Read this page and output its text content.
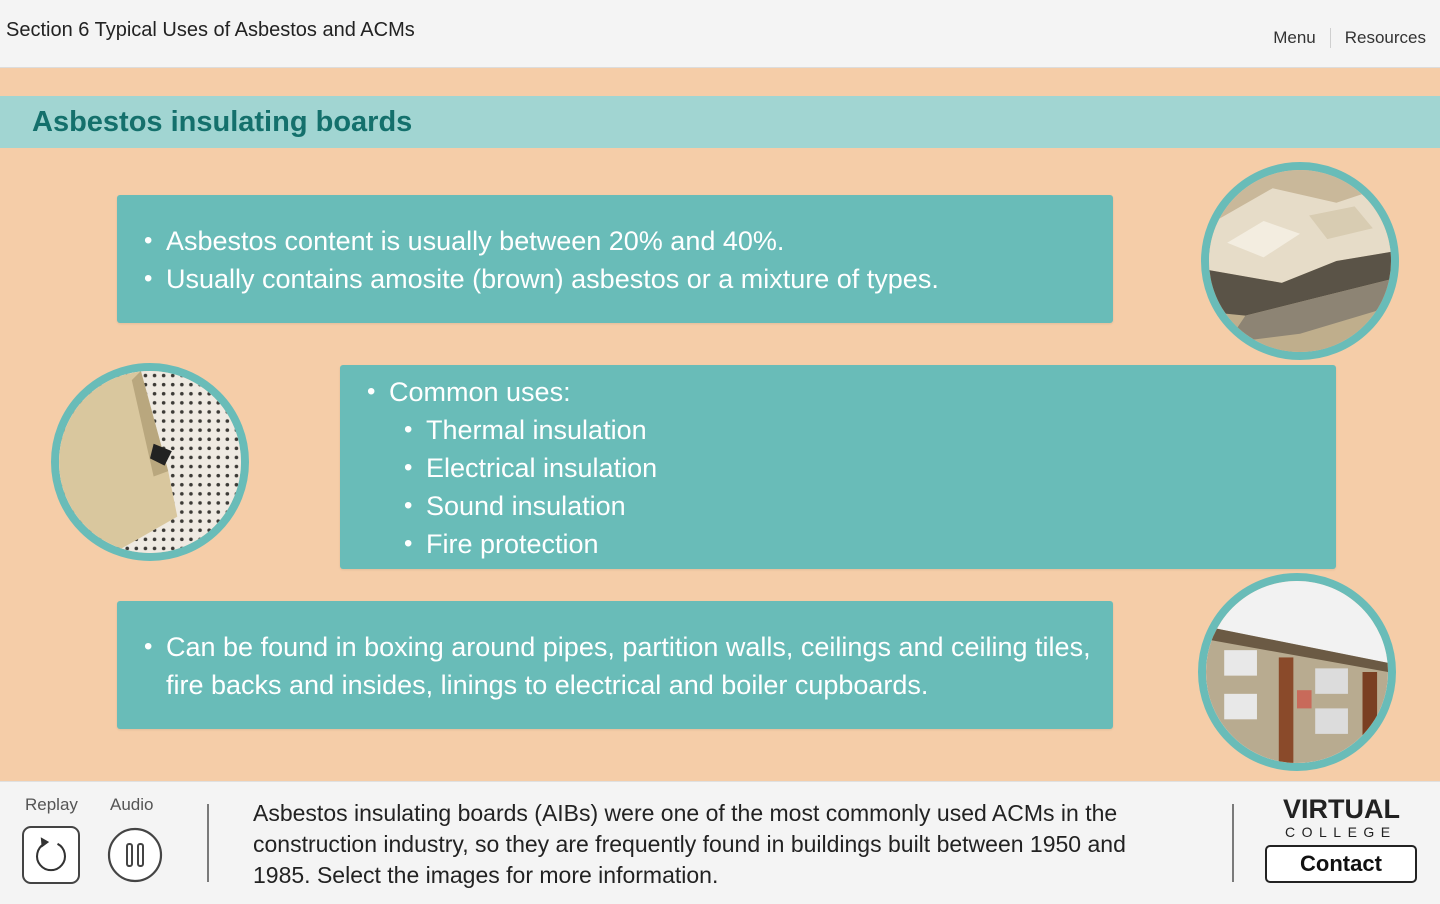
Section 6 Typical Uses of Asbestos and ACMs	Menu Resources
Asbestos insulating boards
• Asbestos content is usually between 20% and 40%.
• Usually contains amosite (brown) asbestos or a mixture of types.
• Common uses:
• Thermal insulation
• Electrical insulation
• Sound insulation
• Fire protection
• Can be found in boxing around pipes, partition walls, ceilings and ceiling tiles, fire backs and insides, linings to electrical and boiler cupboards.
Replay Audio	Asbestos insulating boards (AIBs) were one of the most commonly used ACMs in the construction industry, so they are frequently found in buildings built between 1950 and 1985. Select the images for more information.
VIRTUAL
COLLEGE
Contact
